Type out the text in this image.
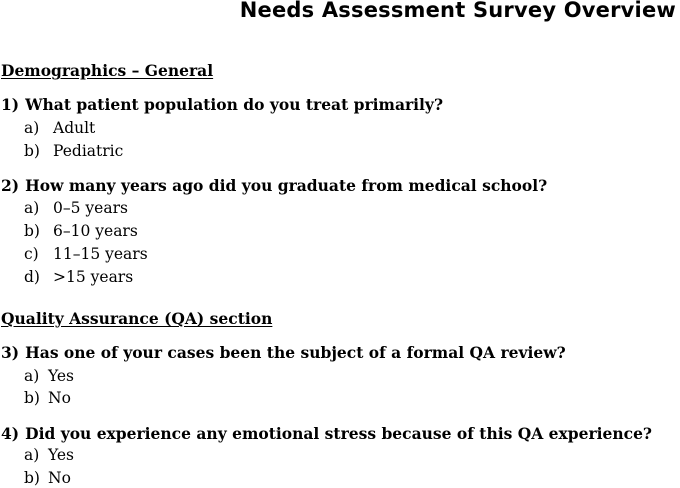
Needs Assessment Survey Overview
Demographics – General
1) What patient population do you treat primarily?
a) Adult
b) Pediatric
2) How many years ago did you graduate from medical school?
a) 0–5 years
b) 6–10 years
c) 11–15 years
d) >15 years
Quality Assurance (QA) section
3) Has one of your cases been the subject of a formal QA review?
a) Yes
b) No
4) Did you experience any emotional stress because of this QA experience?
a) Yes
b) No
